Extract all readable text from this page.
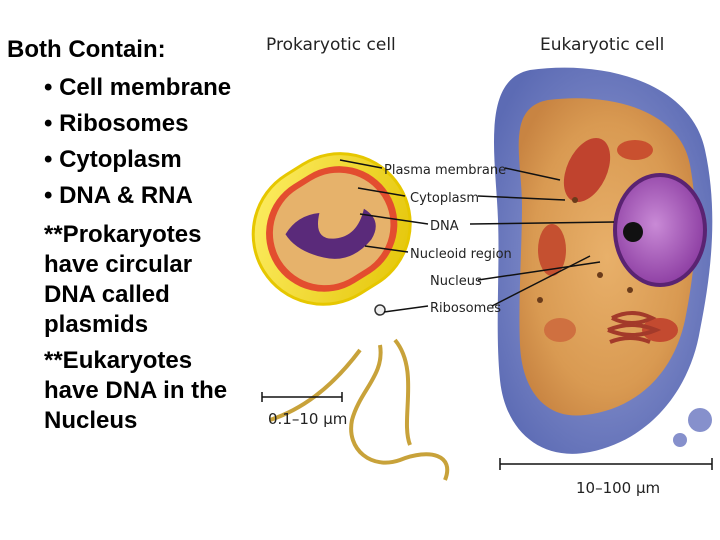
Prokaryotic cell	Eukaryotic cell
Plasma membrane
Cytoplasm
DNA
Nucleoid region
Nucleus
Ribosomes
0.1–10 µm
10–100 µm
Both Contain:
• Cell membrane
• Ribosomes
• Cytoplasm
• DNA & RNA
**Prokaryotes
have circular
DNA called
plasmids
**Eukaryotes
have DNA in the
Nucleus
